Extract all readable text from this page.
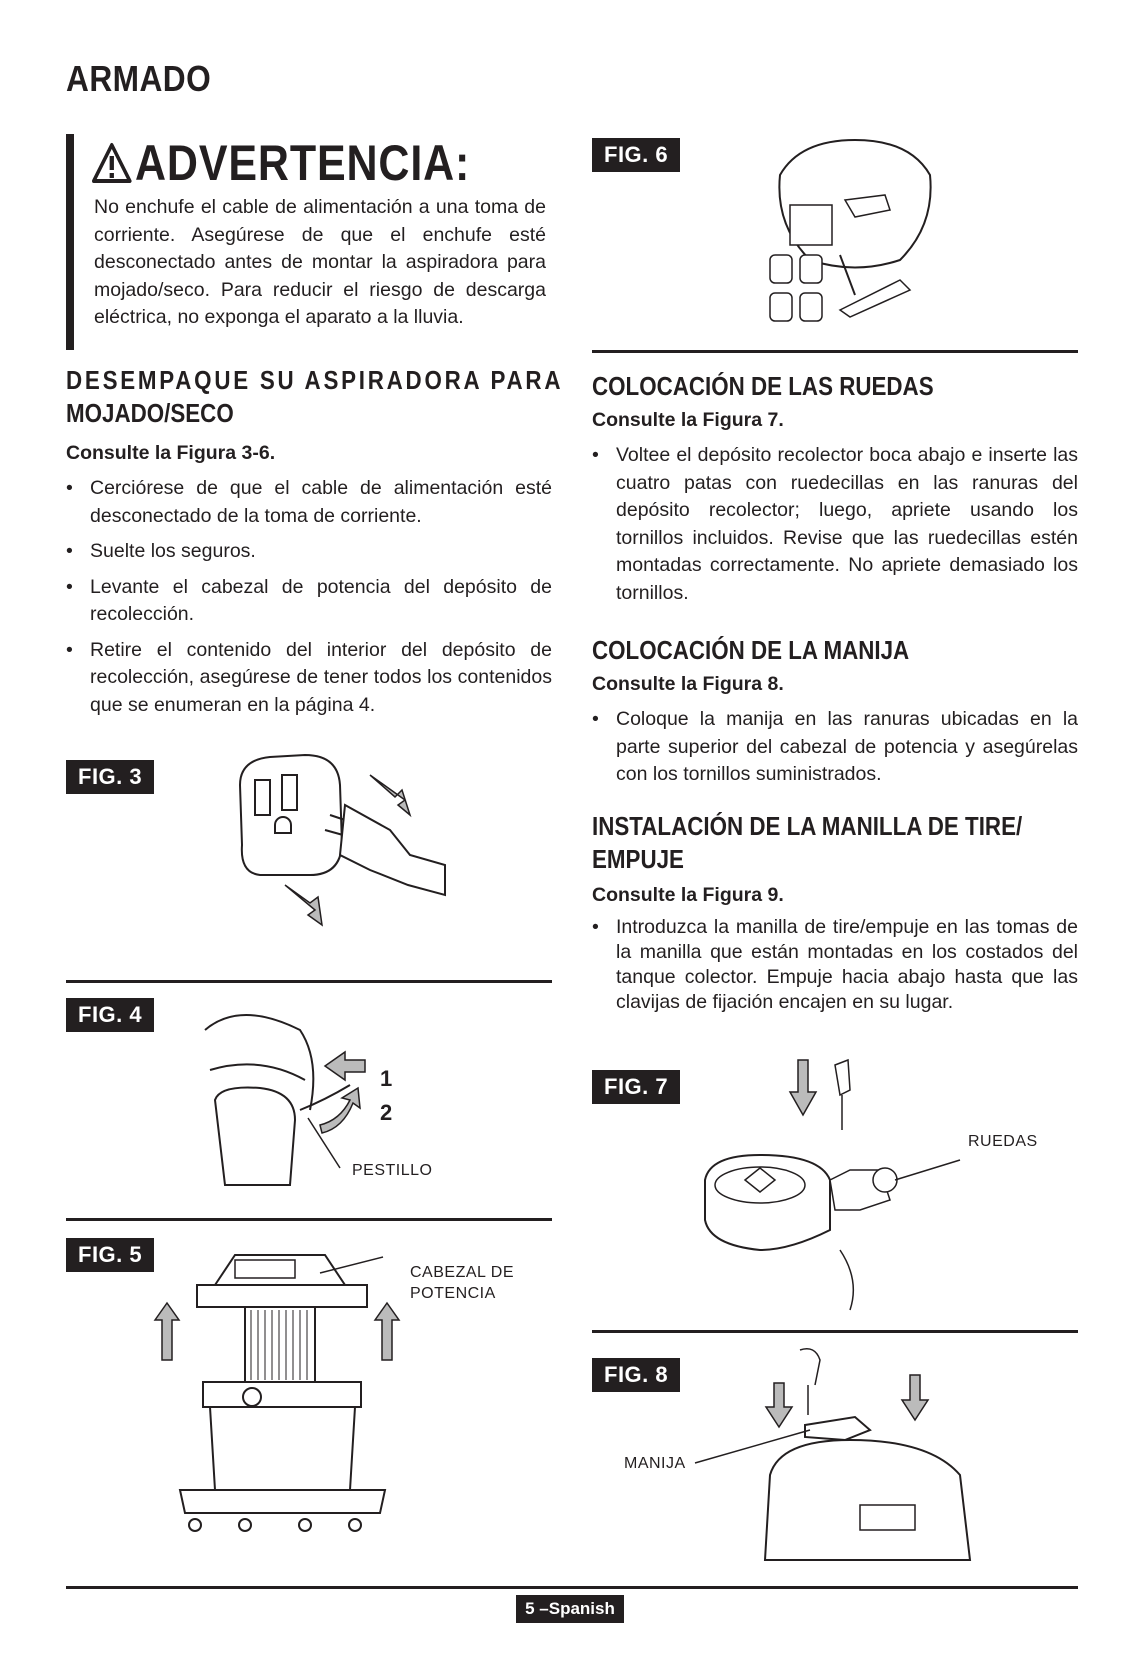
ARMADO
ADVERTENCIA:
No enchufe el cable de alimentación a una toma de corriente. Asegúrese de que el enchufe esté desconectado antes de montar la aspiradora para mojado/seco. Para reducir el riesgo de descarga eléctrica, no exponga el aparato a la lluvia.
DESEMPAQUE SU ASPIRADORA PARA
MOJADO/SECO
Consulte la Figura 3-6.
• Cerciórese de que el cable de alimentación esté desconectado de la toma de corriente.
• Suelte los seguros.
• Levante el cabezal de potencia del depósito de recolección.
• Retire el contenido del interior del depósito de recolección, asegúrese de tener todos los contenidos que se enumeran en la página 4.
FIG. 3
FIG. 4
1
2
PESTILLO
FIG. 5
CABEZAL DE
POTENCIA
FIG. 6
COLOCACIÓN DE LAS RUEDAS
Consulte la Figura 7.
• Voltee el depósito recolector boca abajo e inserte las cuatro patas con ruedecillas en las ranuras del depósito recolector; luego, apriete usando los tornillos incluidos. Revise que las ruedecillas estén montadas correctamente. No apriete demasiado los tornillos.
COLOCACIÓN DE LA MANIJA
Consulte la Figura 8.
• Coloque la manija en las ranuras ubicadas en la parte superior del cabezal de potencia y asegúrelas con los tornillos suministrados.
INSTALACIÓN DE LA MANILLA DE TIRE/
EMPUJE
Consulte la Figura 9.
• Introduzca la manilla de tire/empuje en las tomas de la manilla que están montadas en los costados del tanque colector. Empuje hacia abajo hasta que las clavijas de fijación encajen en su lugar.
FIG. 7
RUEDAS
FIG. 8
MANIJA
5 –Spanish
